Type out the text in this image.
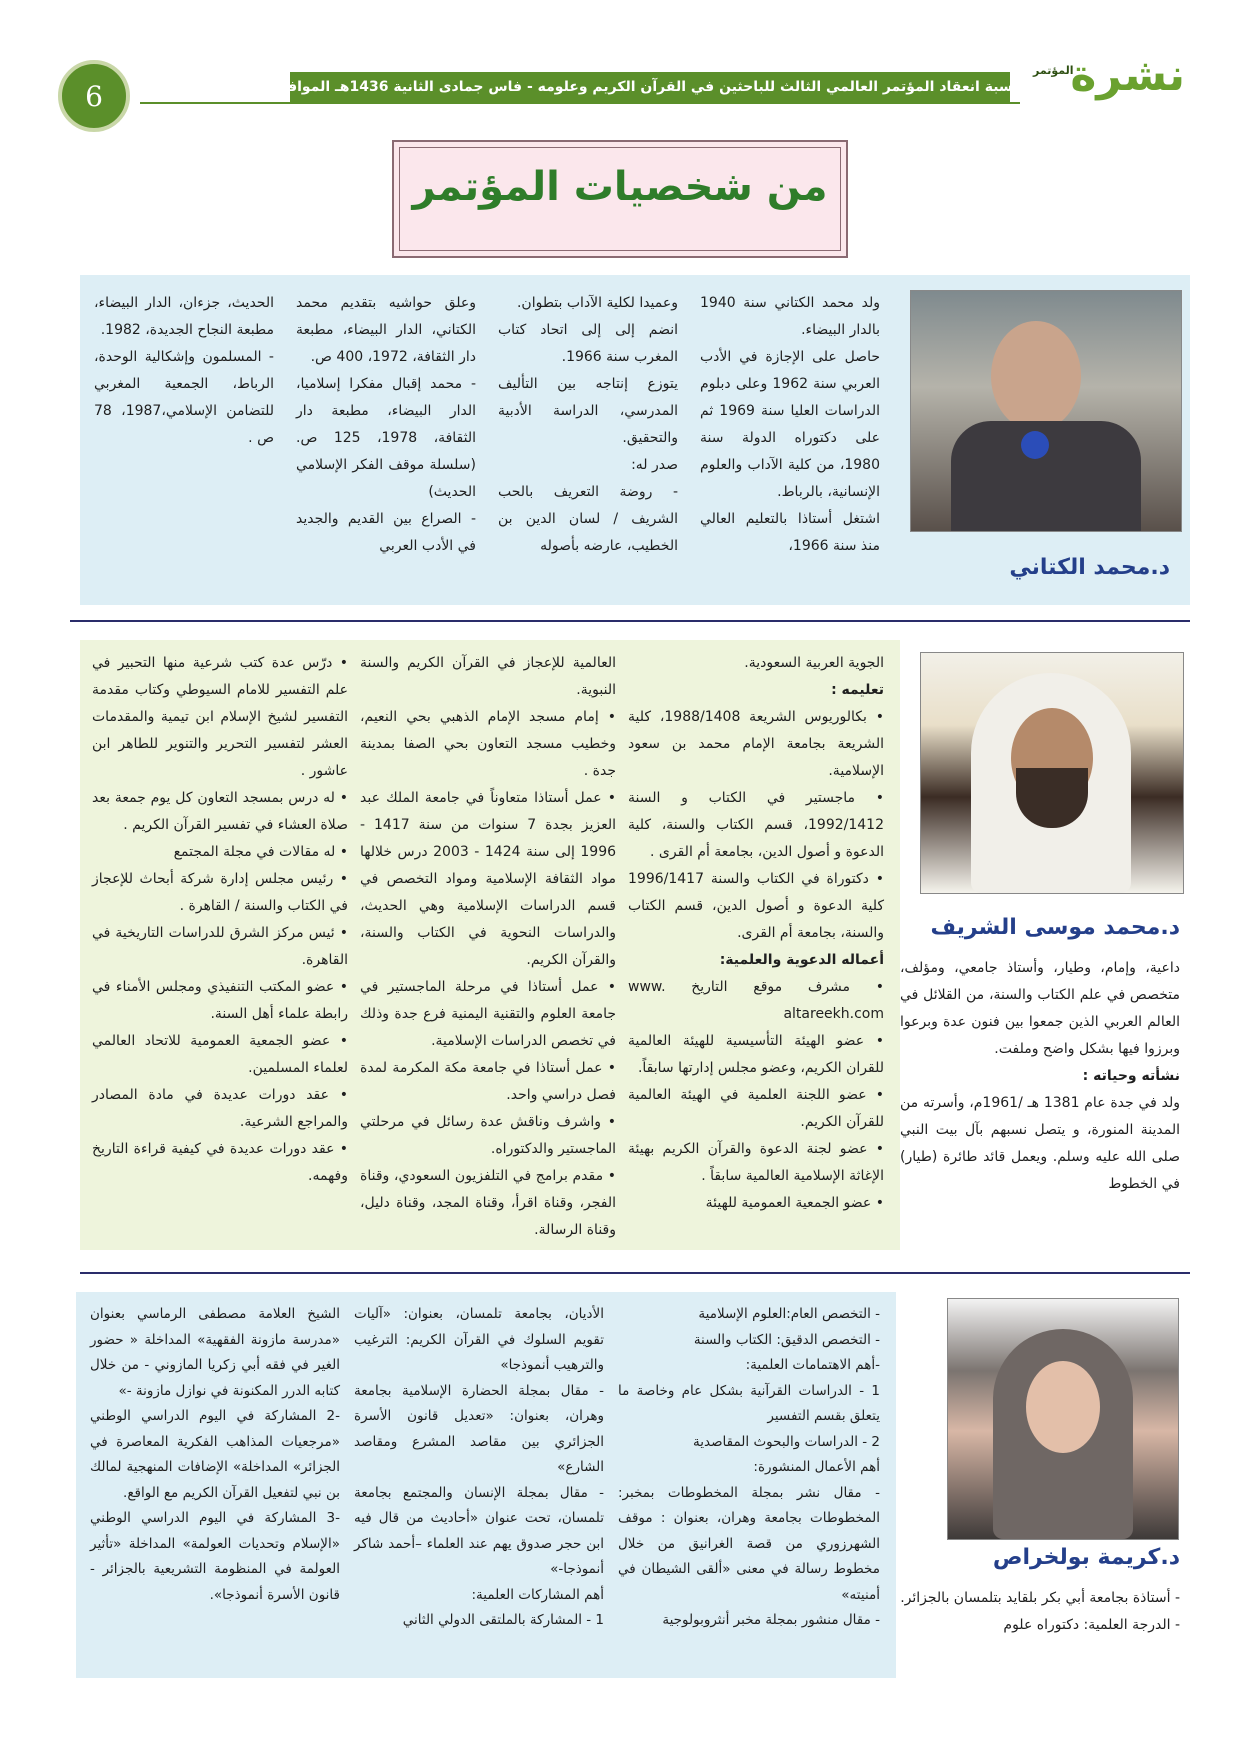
6	يومية تصدر بمناسبة انعقاد المؤتمر العالمي الثالث للباحثين في القرآن الكريم وعلومه - فاس جمادى الثانية 1436هـ الموافق أبريل 2015م
نشرة
المؤتمر
من شخصيات المؤتمر
د.محمد الكتاني

ولد محمد الكتاني سنة 1940 بالدار البيضاء.

حاصل على الإجازة في الأدب العربي سنة 1962 وعلى دبلوم الدراسات العليا سنة 1969 ثم على دكتوراه الدولة سنة 1980، من كلية الآداب والعلوم الإنسانية، بالرباط.

اشتغل أستاذا بالتعليم العالي منذ سنة 1966،

وعميدا لكلية الآداب بتطوان.

انضم إلى إلى اتحاد كتاب المغرب سنة 1966.

يتوزع إنتاجه بين التأليف المدرسي، الدراسة الأدبية والتحقيق.

صدر له:

- روضة التعريف بالحب الشريف / لسان الدين بن الخطيب، عارضه بأصوله

وعلق حواشيه بتقديم محمد الكتاني، الدار البيضاء، مطبعة دار الثقافة، 1972، 400 ص.

- محمد إقبال مفكرا إسلاميا، الدار البيضاء، مطبعة دار الثقافة، 1978، 125 ص. (سلسلة موقف الفكر الإسلامي الحديث)

- الصراع بين القديم والجديد في الأدب العربي

الحديث، جزءان، الدار البيضاء، مطبعة النجاح الجديدة، 1982.

- المسلمون وإشكالية الوحدة، الرباط، الجمعية المغربي للتضامن الإسلامي،1987، 78 ص .

د.محمد موسى الشريف

داعية، وإمام، وطيار، وأستاذ جامعي، ومؤلف، متخصص في علم الكتاب والسنة، من القلائل في العالم العربي الذين جمعوا بين فنون عدة وبرعوا وبرزوا فيها بشكل واضح وملفت.

نشأته وحياته :

ولد في جدة عام 1381 هـ /1961م، وأسرته من المدينة المنورة، و يتصل نسبهم بآل بيت النبي صلى الله عليه وسلم. ويعمل قائد طائرة (طيار) في الخطوط

الجوية العربية السعودية.

تعليمه :

• بكالوريوس الشريعة 1988/1408، كلية الشريعة بجامعة الإمام محمد بن سعود الإسلامية.

• ماجستير في الكتاب و السنة 1992/1412، قسم الكتاب والسنة، كلية الدعوة و أصول الدين، بجامعة أم القرى .

• دكتوراة في الكتاب والسنة 1996/1417 كلية الدعوة و أصول الدين، قسم الكتاب والسنة، بجامعة أم القرى.

أعماله الدعوية والعلمية:

• مشرف موقع التاريخ www. altareekh.com

• عضو الهيئة التأسيسية للهيئة العالمية للقران الكريم، وعضو مجلس إدارتها سابقاً.

• عضو اللجنة العلمية في الهيئة العالمية للقرآن الكريم.

• عضو لجنة الدعوة والقرآن الكريم بهيئة الإغاثة الإسلامية العالمية سابقاً .

• عضو الجمعية العمومية للهيئة

العالمية للإعجاز في القرآن الكريم والسنة النبوية.

• إمام مسجد الإمام الذهبي بحي النعيم، وخطيب مسجد التعاون بحي الصفا بمدينة جدة .

• عمل أستاذا متعاوناً في جامعة الملك عبد العزيز بجدة 7 سنوات من سنة 1417 - 1996 إلى سنة 1424 - 2003 درس خلالها مواد الثقافة الإسلامية ومواد التخصص في قسم الدراسات الإسلامية وهي الحديث، والدراسات النحوية في الكتاب والسنة، والقرآن الكريم.

• عمل أستاذا في مرحلة الماجستير في جامعة العلوم والتقنية اليمنية فرع جدة وذلك في تخصص الدراسات الإسلامية.

• عمل أستاذا في جامعة مكة المكرمة لمدة فصل دراسي واحد.

• واشرف وناقش عدة رسائل في مرحلتي الماجستير والدكتوراه.

• مقدم برامج في التلفزيون السعودي، وقناة الفجر، وقناة اقرأ، وقناة المجد، وقناة دليل، وقناة الرسالة.

• درّس عدة كتب شرعية منها التحبير في علم التفسير للامام السيوطي وكتاب مقدمة التفسير لشيخ الإسلام ابن تيمية والمقدمات العشر لتفسير التحرير والتنوير للطاهر ابن عاشور .

• له درس بمسجد التعاون كل يوم جمعة بعد صلاة العشاء في تفسير القرآن الكريم .

• له مقالات في مجلة المجتمع

• رئيس مجلس إدارة شركة أبحاث للإعجاز في الكتاب والسنة / القاهرة .

• ئيس مركز الشرق للدراسات التاريخية في القاهرة.

• عضو المكتب التنفيذي ومجلس الأمناء في رابطة علماء أهل السنة.

• عضو الجمعية العمومية للاتحاد العالمي لعلماء المسلمين.

• عقد دورات عديدة في مادة المصادر والمراجع الشرعية.

• عقد دورات عديدة في كيفية قراءة التاريخ وفهمه.

د.كريمة بولخراص

- أستاذة بجامعة أبي بكر بلقايد بتلمسان بالجزائر.

- الدرجة العلمية: دكتوراه علوم

- التخصص العام:العلوم الإسلامية

- التخصص الدقيق: الكتاب والسنة

-أهم الاهتمامات العلمية:

1 - الدراسات القرآنية بشكل عام وخاصة ما يتعلق بقسم التفسير

2 - الدراسات والبحوث المقاصدية

أهم الأعمال المنشورة:

- مقال نشر بمجلة المخطوطات بمخبر: المخطوطات بجامعة وهران، بعنوان : موقف الشهرزوري من قصة الغرانيق من خلال مخطوط رسالة في معنى «ألقى الشيطان في أمنيته»

- مقال منشور بمجلة مخبر أنثروبولوجية

الأديان، بجامعة تلمسان، بعنوان: «آليات تقويم السلوك في القرآن الكريم: الترغيب والترهيب أنموذجا»

- مقال بمجلة الحضارة الإسلامية بجامعة وهران، بعنوان: «تعديل قانون الأسرة الجزائري بين مقاصد المشرع ومقاصد الشارع»

- مقال بمجلة الإنسان والمجتمع بجامعة تلمسان، تحت عنوان «أحاديث من قال فيه ابن حجر صدوق يهم عند العلماء –أحمد شاكر أنموذجا-»

أهم المشاركات العلمية:

1 - المشاركة بالملتقى الدولي الثاني

الشيخ العلامة مصطفى الرماسي بعنوان «مدرسة مازونة الفقهية» المداخلة « حضور الغير في فقه أبي زكريا المازوني - من خلال كتابه الدرر المكنونة في نوازل مازونة -»

-2 المشاركة في اليوم الدراسي الوطني «مرجعيات المذاهب الفكرية المعاصرة في الجزائر» المداخلة» الإضافات المنهجية لمالك بن نبي لتفعيل القرآن الكريم مع الواقع.

-3 المشاركة في اليوم الدراسي الوطني «الإسلام وتحديات العولمة» المداخلة «تأثير العولمة في المنظومة التشريعية بالجزائر - قانون الأسرة أنموذجا».
